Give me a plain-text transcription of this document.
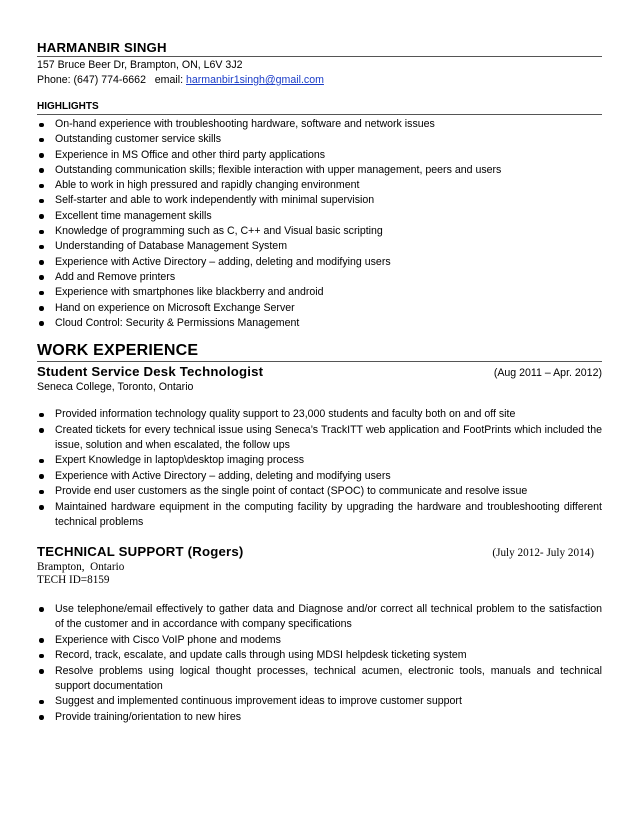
HARMANBIR SINGH
157 Bruce Beer Dr, Brampton, ON, L6V 3J2
Phone: (647) 774-6662   email: harmanbir1singh@gmail.com
HIGHLIGHTS
On-hand experience with troubleshooting hardware, software and network issues
Outstanding customer service skills
Experience in MS Office and other third party applications
Outstanding communication skills; flexible interaction with upper management, peers and users
Able to work in high pressured and rapidly changing environment
Self-starter and able to work independently with minimal supervision
Excellent time management skills
Knowledge of programming such as C, C++ and Visual basic scripting
Understanding of Database Management System
Experience with Active Directory – adding, deleting and modifying users
Add and Remove printers
Experience with smartphones like blackberry and android
Hand on experience on Microsoft Exchange Server
Cloud Control: Security & Permissions Management
WORK EXPERIENCE
Student Service Desk Technologist	(Aug 2011 – Apr. 2012)
Seneca College, Toronto, Ontario
Provided information technology quality support to 23,000 students and faculty both on and off site
Created tickets for every technical issue using Seneca’s TrackITT web application and FootPrints which included the issue, solution and when escalated, the follow ups
Expert Knowledge in laptop\desktop imaging process
Experience with Active Directory – adding, deleting and modifying users
Provide end user customers as the single point of contact (SPOC) to communicate and resolve issue
Maintained hardware equipment in the computing facility by upgrading the hardware and troubleshooting different technical problems
TECHNICAL SUPPORT (Rogers)	(July 2012- July 2014)
Brampton,  Ontario
TECH ID=8159
Use telephone/email effectively to gather data and Diagnose and/or correct all technical problem to the satisfaction of the customer and in accordance with company specifications
Experience with Cisco VoIP phone and modems
Record, track, escalate, and update calls through using MDSI helpdesk ticketing system
Resolve problems using logical thought processes, technical acumen, electronic tools, manuals and technical support documentation
Suggest and implemented continuous improvement ideas to improve customer support
Provide training/orientation to new hires
